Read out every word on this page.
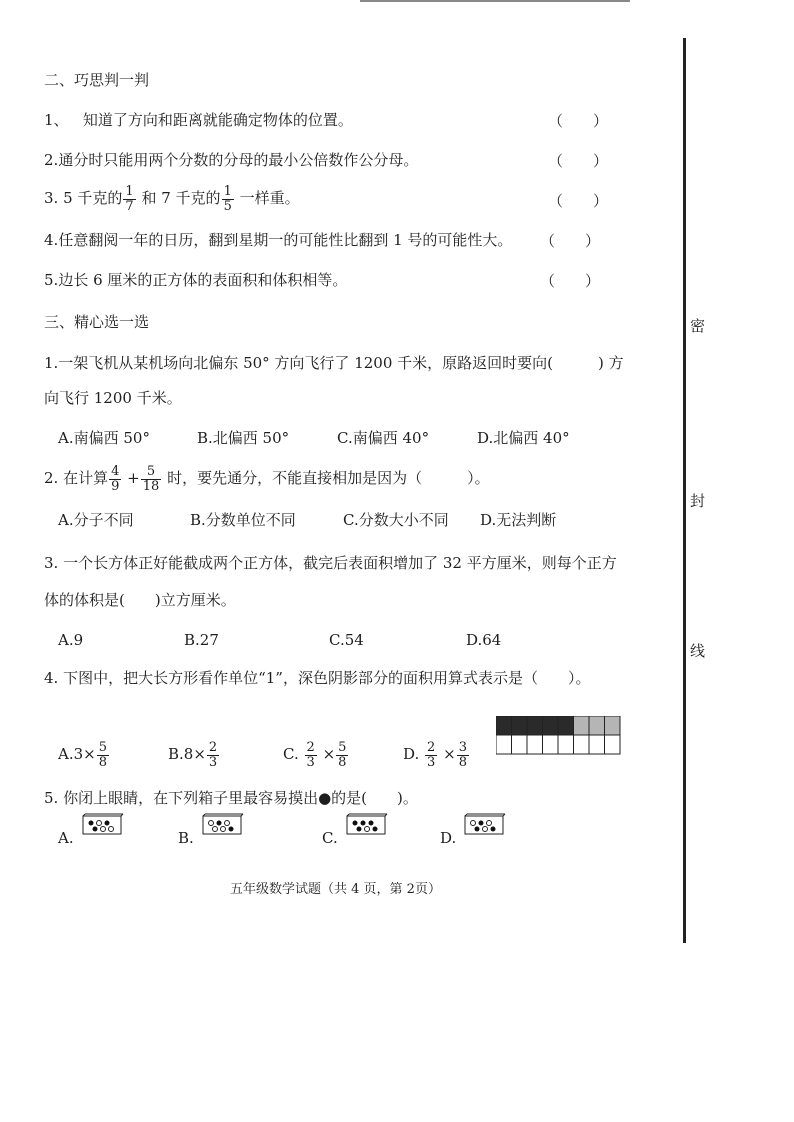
二、巧思判一判
1、 知道了方向和距离就能确定物体的位置。	（　　）
2.通分时只能用两个分数的分母的最小公倍数作公分母。	（　　）
3. 5 千克的 $\frac{1}{7}$ 和 7 千克的 $\frac{1}{5}$ 一样重。	（　　）
4.任意翻阅一年的日历，翻到星期一的可能性比翻到 1 号的可能性大。 （　　）
5.边长 6 厘米的正方体的表面积和体积相等。	（　　）
三、精心选一选
1.一架飞机从某机场向北偏东 50° 方向飞行了 1200 千米，原路返回时要向(　　　) 方
向飞行 1200 千米。
A.南偏西 50°	B.北偏西 50°	C.南偏西 40°	D.北偏西 40°
2. 在计算 $\frac{4}{9} + \frac{5}{18}$ 时，要先通分，不能直接相加是因为（　　　）。
A.分子不同	B.分数单位不同	C.分数大小不同 D.无法判断
3. 一个长方体正好能截成两个正方体，截完后表面积增加了 32 平方厘米，则每个正方
体的体积是(　　)立方厘米。
A.9	B.27	C.54	D.64
4. 下图中，把大长方形看作单位“1”，深色阴影部分的面积用算式表示是（　　）。
$A.3\times \frac{5}{8}$	$B.8\times \frac{2}{3}$	C. $\frac{2}{3} \times \frac{5}{8}$	D. $\frac{2}{3} \times \frac{3}{8}$
5. 你闭上眼睛，在下列箱子里最容易摸出●的是(　　)。
A.	B.	C.	D.
五年级数学试题（共 4 页，第 2页）
密
封
线
